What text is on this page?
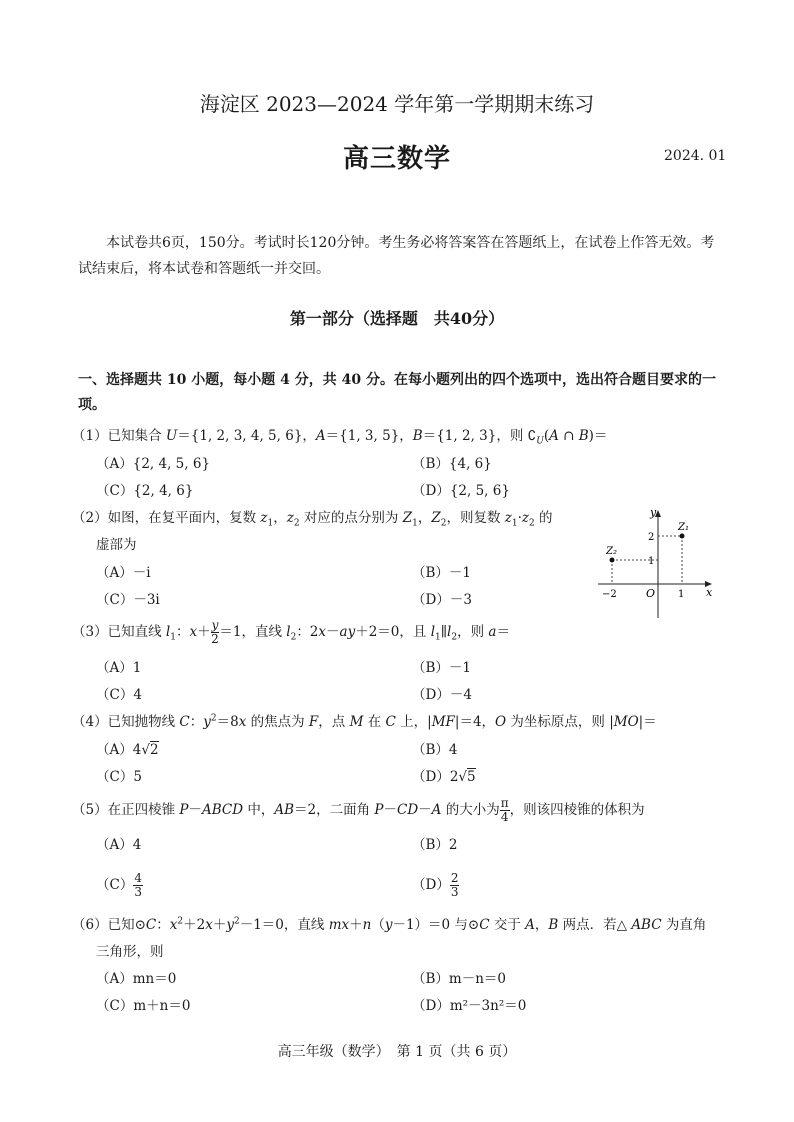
海淀区 2023—2024 学年第一学期期末练习
高三数学	2024. 01
本试卷共6页，150分。考试时长120分钟。考生务必将答案答在答题纸上，在试卷上作答无效。考试结束后，将本试卷和答题纸一并交回。
第一部分（选择题　共40分）
一、选择题共 10 小题，每小题 4 分，共 40 分。在每小题列出的四个选项中，选出符合题目要求的一项。
（1）已知集合 U＝{1, 2, 3, 4, 5, 6}，A＝{1, 3, 5}，B＝{1, 2, 3}，则 $∁_U(A$ ∩ B)＝
（A）{2, 4, 5, 6}	（B）{4, 6}
（C）{2, 4, 6}	（D）{2, 5, 6}
（2）如图，在复平面内，复数 $z_1$，$z_2$ 对应的点分别为 $Z_1$，$Z_2$，则复数 $z_1\cdot z_2$ 的
虚部为
（A）－i	（B）－1
（C）－3i	（D）－3
y
x
O
Z₁
Z₂
2
1
−2	1
（3）已知直线 $l_1$：$x+ \frac{y}{2} =1$，直线 $l_2$：2x－ay＋2＝0，且 $l_1\parallel l_2$，则 a＝
（A）1	（B）－1
（C）4	（D）－4
（4）已知抛物线 C：$y^2=8x$ 的焦点为 F，点 M 在 C 上，|MF|＝4，O 为坐标原点，则 |MO|＝
（A）4√2	（B）4
（C）5	（D）2√5
（5）在正四棱锥 P－ABCD 中，AB＝2，二面角 P－CD－A 的大小为 $\frac{\pi}{4}$ ，则该四棱锥的体积为
（A）4	（B）2
$(C) \frac{4}{3}$	$(D) \frac{2}{3}$
（6）已知⊙C：$x^2+2x+y^2-1=0$，直线 mx＋n（y－1）＝0 与⊙C 交于 A，B 两点．若△ ABC 为直角
三角形，则
（A）mn＝0	（B）m－n＝0
（C）m＋n＝0	（D）m²－3n²＝0
高三年级（数学）　第 1 页（共 6 页）
